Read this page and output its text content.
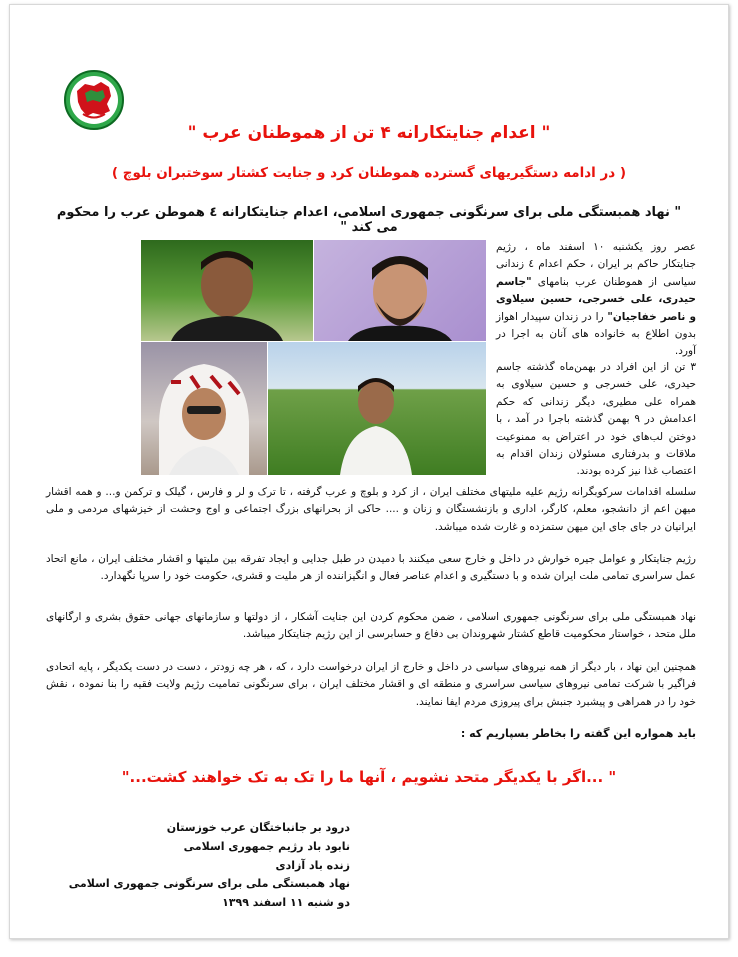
" اعدام جنایتکارانه ۴ تن از هموطنان عرب "
( در ادامه دستگیریهای گسترده هموطنان کرد و جنایت کشتار سوختبران بلوچ )
" نهاد همبستگی ملی برای سرنگونی جمهوری اسلامی، اعدام جنایتکارانه ٤ هموطن عرب را محکوم می کند "
عصر روز یکشنبه ۱۰ اسفند ماه ، رژیم جنایتکار حاکم بر ایران ، حکم اعدام ٤ زندانی سیاسی از هموطنان عرب بنامهای "جاسم حیدری، علی خسرجی، حسین سیلاوی و ناصر خفاجیان" را در زندان سپیدار اهواز بدون اطلاع به خانواده های آنان به اجرا در آورد.
۳ تن از این افراد در بهمن‌ماه گذشته جاسم حیدری، علی خسرجی و حسین سیلاوی به همراه علی مطیری، دیگر زندانی که حکم اعدامش در ۹ بهمن گذشته باجرا در آمد ، با دوختن لب‌های خود در اعتراض به ممنوعیت ملاقات و بدرفتاری مسئولان زندان اقدام به اعتصاب غذا نیز کرده بودند.
سلسله اقدامات سرکوبگرانه رژیم علیه ملیتهای مختلف ایران ، از کرد و بلوچ و عرب گرفته ، تا ترک و لر و فارس ، گیلک و ترکمن و... و همه اقشار میهن اعم از دانشجو، معلم، کارگر، اداری و بازنشستگان و زنان و .... حاکی از بحرانهای بزرگ اجتماعی و اوج وحشت از خیزشهای مردمی و ملی ایرانیان در جای جای این میهن ستمزده و غارت شده میباشد.
رژیم جنایتکار و عوامل جیره خوارش در داخل و خارج سعی میکنند با دمیدن در طبل جدایی و ایجاد تفرقه بین ملیتها و اقشار مختلف ایران ، مانع اتحاد عمل سراسری تمامی ملت ایران شده و با دستگیری و اعدام عناصر فعال و انگیزاننده از هر ملیت و قشری، حکومت خود را سرپا نگهدارد.
نهاد همبستگی ملی برای سرنگونی جمهوری اسلامی ، ضمن محکوم کردن این جنایت آشکار ، از دولتها و سازمانهای جهانی حقوق بشری و ارگانهای ملل متحد ، خواستار محکومیت قاطع کشتار شهروندان بی دفاع و حسابرسی از این رژیم جنایتکار میباشد.
همچنین این نهاد ، بار دیگر از همه نیروهای سیاسی در داخل و خارج از ایران درخواست دارد ، که ، هر چه زودتر ، دست در دست یکدیگر ، پایه اتحادی فراگیر با شرکت تمامی نیروهای سیاسی سراسری و منطقه ای و اقشار مختلف ایران ، برای سرنگونی تمامیت رژیم ولایت فقیه را بنا نموده ، نقش خود را در همراهی و پیشبرد جنبش برای پیروزی مردم ایفا نمایند.
باید همواره این گفته را بخاطر بسپاریم که :
" ...اگر با یکدیگر متحد نشویم ، آنها ما را تک به تک خواهند کشت..."
درود بر جانباختگان عرب خوزستان
نابود باد رژیم جمهوری اسلامی
زنده باد آزادی
نهاد همبستگی ملی برای سرنگونی جمهوری اسلامی
دو شنبه ۱۱ اسفند ۱۳۹۹
